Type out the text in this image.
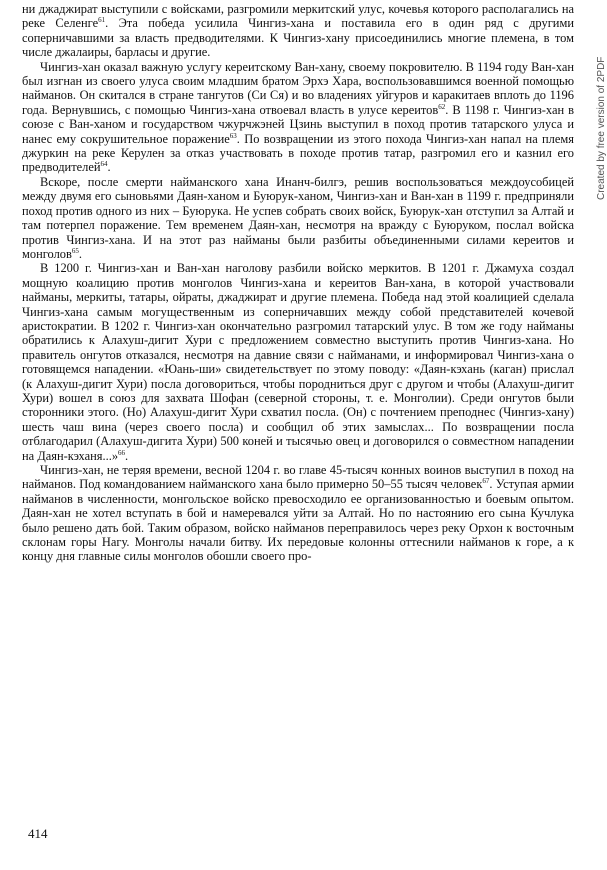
ни джаджират выступили с войсками, разгромили меркитский улус, кочевья которого располагались на реке Селенге$^{61}$. Эта победа усилила Чингиз-хана и поставила его в один ряд с другими соперничавшими за власть предводителями. К Чингиз-хану присоединились многие племена, в том числе джалаиры, барласы и другие.

Чингиз-хан оказал важную услугу кереитскому Ван-хану, своему покровителю. В 1194 году Ван-хан был изгнан из своего улуса своим младшим братом Эрхэ Хара, воспользовавшимся военной помощью найманов. Он скитался в стране тангутов (Си Ся) и во владениях уйгуров и каракитаев вплоть до 1196 года. Вернувшись, с помощью Чингиз-хана отвоевал власть в улусе кереитов$^{62}$. В 1198 г. Чингиз-хан в союзе с Ван-ханом и государством чжурчжэней Цзинь выступил в поход против татарского улуса и нанес ему сокрушительное поражение$^{63}$. По возвращении из этого похода Чингиз-хан напал на племя джуркин на реке Керулен за отказ участвовать в походе против татар, разгромил его и казнил его предводителей$^{64}$.

Вскоре, после смерти найманского хана Инанч-билгэ, решив воспользоваться междоусобицей между двумя его сыновьями Даян-ханом и Буюрук-ханом, Чингиз-хан и Ван-хан в 1199 г. предприняли поход против одного из них – Буюрука. Не успев собрать своих войск, Буюрук-хан отступил за Алтай и там потерпел поражение. Тем временем Даян-хан, несмотря на вражду с Буюруком, послал войска против Чингиз-хана. И на этот раз найманы были разбиты объединенными силами кереитов и монголов$^{65}$.

В 1200 г. Чингиз-хан и Ван-хан наголову разбили войско меркитов. В 1201 г. Джамуха создал мощную коалицию против монголов Чингиз-хана и кереитов Ван-хана, в которой участвовали найманы, меркиты, татары, ойраты, джаджират и другие племена. Победа над этой коалицией сделала Чингиз-хана самым могущественным из соперничавших между собой представителей кочевой аристократии. В 1202 г. Чингиз-хан окончательно разгромил татарский улус. В том же году найманы обратились к Алахуш-дигит Хури с предложением совместно выступить против Чингиз-хана. Но правитель онгутов отказался, несмотря на давние связи с найманами, и информировал Чингиз-хана о готовящемся нападении. «Юань-ши» свидетельствует по этому поводу: «Даян-кэхань (каган) прислал (к Алахуш-дигит Хури) посла договориться, чтобы породниться друг с другом и чтобы (Алахуш-дигит Хури) вошел в союз для захвата Шофан (северной стороны, т. е. Монголии). Среди онгутов были сторонники этого. (Но) Алахуш-дигит Хури схватил посла. (Он) с почтением преподнес (Чингиз-хану) шесть чаш вина (через своего посла) и сообщил об этих замыслах... По возвращении посла отблагодарил (Алахуш-дигита Хури) 500 коней и тысячью овец и договорился о совместном нападении на Даян-кэханя...»$^{66}$.

Чингиз-хан, не теряя времени, весной 1204 г. во главе 45-тысяч конных воинов выступил в поход на найманов. Под командованием найманского хана было примерно 50–55 тысяч человек$^{67}$. Уступая армии найманов в численности, монгольское войско превосходило ее организованностью и боевым опытом. Даян-хан не хотел вступать в бой и намеревался уйти за Алтай. Но по настоянию его сына Кучлука было решено дать бой. Таким образом, войско найманов переправилось через реку Орхон к восточным склонам горы Нагу. Монголы начали битву. Их передовые колонны оттеснили найманов к горе, а к концу дня главные силы монголов обошли своего про-

414
Created by free version of 2PDF
